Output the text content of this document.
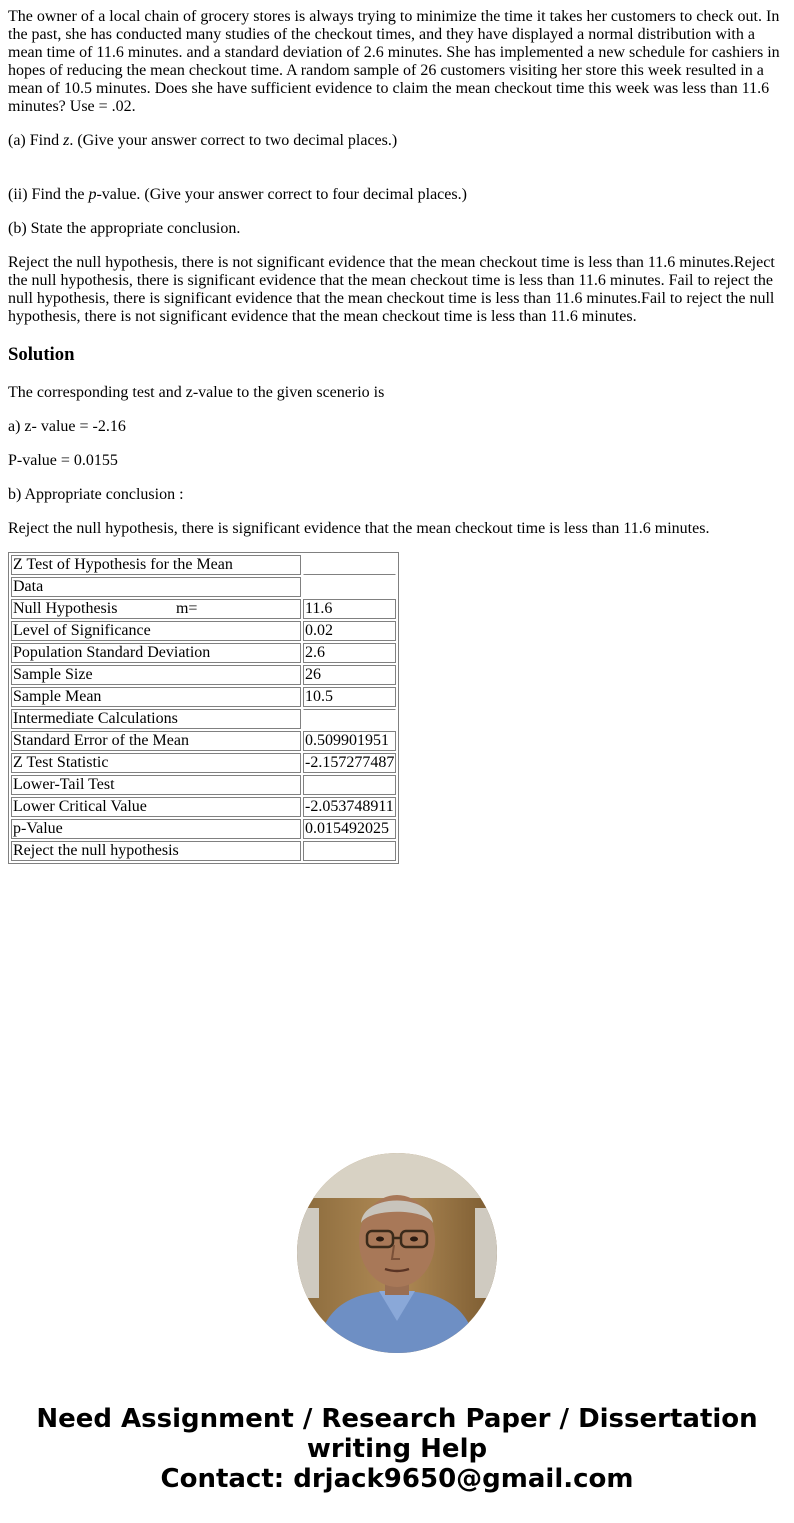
The owner of a local chain of grocery stores is always trying to minimize the time it takes her customers to check out. In the past, she has conducted many studies of the checkout times, and they have displayed a normal distribution with a mean time of 11.6 minutes. and a standard deviation of 2.6 minutes. She has implemented a new schedule for cashiers in hopes of reducing the mean checkout time. A random sample of 26 customers visiting her store this week resulted in a mean of 10.5 minutes. Does she have sufficient evidence to claim the mean checkout time this week was less than 11.6 minutes? Use = .02.

(a) Find z. (Give your answer correct to two decimal places.)

(ii) Find the p-value. (Give your answer correct to four decimal places.)

(b) State the appropriate conclusion.

Reject the null hypothesis, there is not significant evidence that the mean checkout time is less than 11.6 minutes.Reject the null hypothesis, there is significant evidence that the mean checkout time is less than 11.6 minutes. Fail to reject the null hypothesis, there is significant evidence that the mean checkout time is less than 11.6 minutes.Fail to reject the null hypothesis, there is not significant evidence that the mean checkout time is less than 11.6 minutes.

Solution

The corresponding test and z-value to the given scenerio is

a) z- value = -2.16

P-value = 0.0155

b) Appropriate conclusion :

Reject the null hypothesis, there is significant evidence that the mean checkout time is less than 11.6 minutes.

Z Test of Hypothesis for the Mean	
Data	
Null Hypothesis m=	11.6
Level of Significance	0.02
Population Standard Deviation	2.6
Sample Size	26
Sample Mean	10.5
Intermediate Calculations	
Standard Error of the Mean	0.509901951
Z Test Statistic	-2.157277487
Lower-Tail Test	
Lower Critical Value	-2.053748911
p-Value	0.015492025
Reject the null hypothesis	
Need Assignment / Research Paper / Dissertation
writing Help
Contact: drjack9650@gmail.com
